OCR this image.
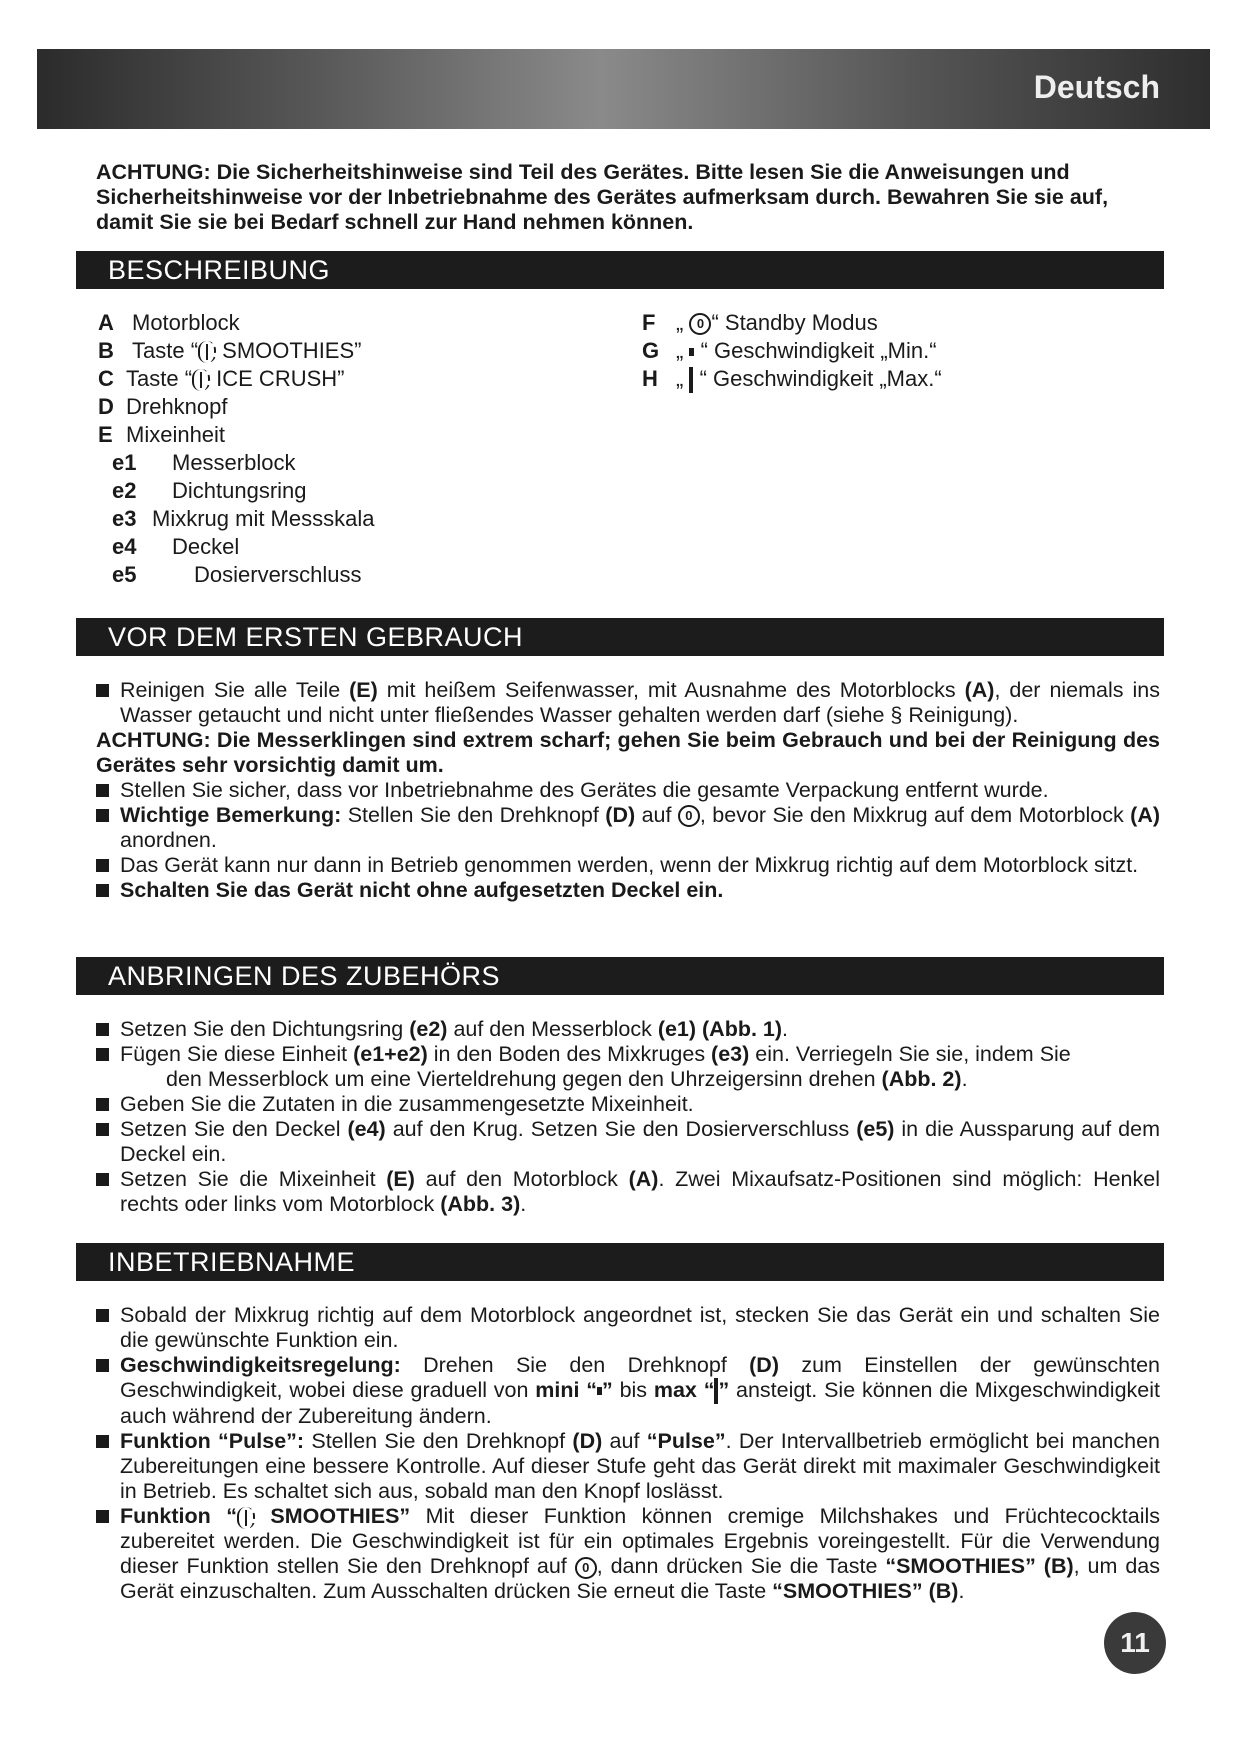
Deutsch
ACHTUNG: Die Sicherheitshinweise sind Teil des Gerätes. Bitte lesen Sie die Anweisungen und Sicherheitshinweise vor der Inbetriebnahme des Gerätes aufmerksam durch. Bewahren Sie sie auf, damit Sie sie bei Bedarf schnell zur Hand nehmen können.
BESCHREIBUNG
A Motorblock
B Taste “ SMOOTHIES”
C Taste “ ICE CRUSH”
D Drehknopf
E Mixeinheit
e1 Messerblock
e2 Dichtungsring
e3 Mixkrug mit Messskala
e4 Deckel
e5	Dosierverschluss
F „ 0 “ Standby Modus
G „ “ Geschwindigkeit „Min.“
H „ “ Geschwindigkeit „Max.“
VOR DEM ERSTEN GEBRAUCH
Reinigen Sie alle Teile (E) mit heißem Seifenwasser, mit Ausnahme des Motorblocks (A), der niemals ins Wasser getaucht und nicht unter fließendes Wasser gehalten werden darf (siehe § Reinigung).
ACHTUNG: Die Messerklingen sind extrem scharf; gehen Sie beim Gebrauch und bei der Reinigung des Gerätes sehr vorsichtig damit um.
Stellen Sie sicher, dass vor Inbetriebnahme des Gerätes die gesamte Verpackung entfernt wurde.
Wichtige Bemerkung: Stellen Sie den Drehknopf (D) auf 0 , bevor Sie den Mixkrug auf dem Motorblock (A) anordnen.
Das Gerät kann nur dann in Betrieb genommen werden, wenn der Mixkrug richtig auf dem Motorblock sitzt.
Schalten Sie das Gerät nicht ohne aufgesetzten Deckel ein.
ANBRINGEN DES ZUBEHÖRS
Setzen Sie den Dichtungsring (e2) auf den Messerblock (e1) (Abb. 1).
Fügen Sie diese Einheit (e1+e2) in den Boden des Mixkruges (e3) ein. Verriegeln Sie sie, indem Sie
den Messerblock um eine Vierteldrehung gegen den Uhrzeigersinn drehen (Abb. 2).
Geben Sie die Zutaten in die zusammengesetzte Mixeinheit.
Setzen Sie den Deckel (e4) auf den Krug. Setzen Sie den Dosierverschluss (e5) in die Aussparung auf dem Deckel ein.
Setzen Sie die Mixeinheit (E) auf den Motorblock (A). Zwei Mixaufsatz-Positionen sind möglich: Henkel rechts oder links vom Motorblock (Abb. 3).
INBETRIEBNAHME
Sobald der Mixkrug richtig auf dem Motorblock angeordnet ist, stecken Sie das Gerät ein und schalten Sie die gewünschte Funktion ein.
Geschwindigkeitsregelung: Drehen Sie den Drehknopf (D) zum Einstellen der gewünschten Geschwindigkeit, wobei diese graduell von mini “ ” bis max “ ” ansteigt. Sie können die Mixgeschwindigkeit auch während der Zubereitung ändern.
Funktion “Pulse”: Stellen Sie den Drehknopf (D) auf “Pulse”. Der Intervallbetrieb ermöglicht bei manchen Zubereitungen eine bessere Kontrolle. Auf dieser Stufe geht das Gerät direkt mit maximaler Geschwindigkeit in Betrieb. Es schaltet sich aus, sobald man den Knopf loslässt.
Funktion “ SMOOTHIES” Mit dieser Funktion können cremige Milchshakes und Früchtecocktails zubereitet werden. Die Geschwindigkeit ist für ein optimales Ergebnis voreingestellt. Für die Verwendung dieser Funktion stellen Sie den Drehknopf auf 0 , dann drücken Sie die Taste “SMOOTHIES” (B), um das Gerät einzuschalten. Zum Ausschalten drücken Sie erneut die Taste “SMOOTHIES” (B).
11
